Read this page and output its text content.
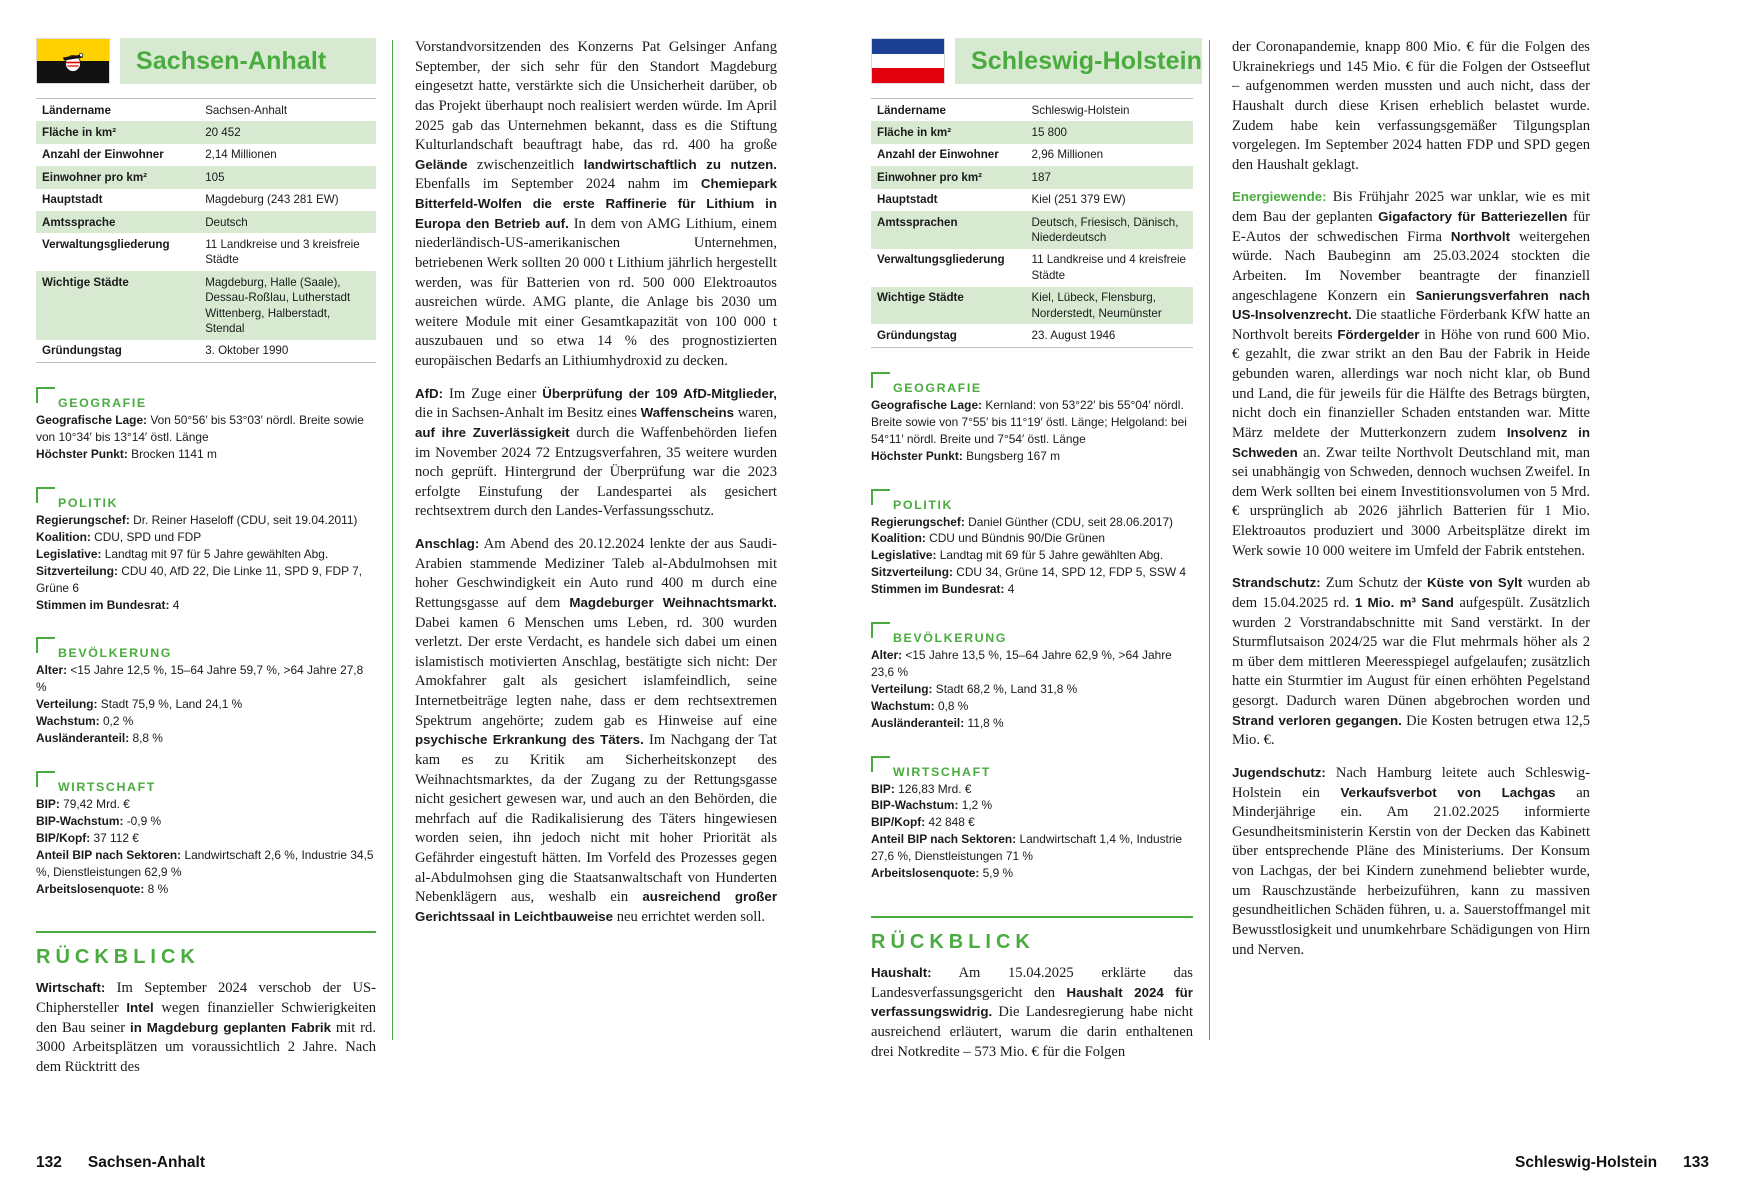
Sachsen-Anhalt
Ländername	Sachsen-Anhalt
Fläche in km²	20 452
Anzahl der Einwohner	2,14 Millionen
Einwohner pro km²	105
Hauptstadt	Magdeburg (243 281 EW)
Amtssprache	Deutsch
Verwaltungsgliederung	11 Landkreise und 3 kreisfreie Städte
Wichtige Städte	Magdeburg, Halle (Saale), Dessau-Roßlau, Lutherstadt Wittenberg, Halberstadt, Stendal
Gründungstag	3. Oktober 1990
GEOGRAFIE

Geografische Lage: Von 50°56′ bis 53°03′ nördl. Breite sowie von 10°34′ bis 13°14′ östl. Länge

Höchster Punkt: Brocken 1141 m

POLITIK

Regierungschef: Dr. Reiner Haseloff (CDU, seit 19.04.2011)

Koalition: CDU, SPD und FDP

Legislative: Landtag mit 97 für 5 Jahre gewählten Abg.

Sitzverteilung: CDU 40, AfD 22, Die Linke 11, SPD 9, FDP 7, Grüne 6

Stimmen im Bundesrat: 4

BEVÖLKERUNG

Alter: <15 Jahre 12,5 %, 15–64 Jahre 59,7 %, >64 Jahre 27,8 %

Verteilung: Stadt 75,9 %, Land 24,1 %

Wachstum: 0,2 %

Ausländeranteil: 8,8 %

WIRTSCHAFT

BIP: 79,42 Mrd. €

BIP-Wachstum: -0,9 %

BIP/Kopf: 37 112 €

Anteil BIP nach Sektoren: Landwirtschaft 2,6 %, Industrie 34,5 %, Dienstleistungen 62,9 %

Arbeitslosenquote: 8 %

RÜCKBLICK

Wirtschaft: Im September 2024 verschob der US-Chiphersteller Intel wegen finanzieller Schwierigkeiten den Bau seiner in Magdeburg geplanten Fabrik mit rd. 3000 Arbeitsplätzen um voraussichtlich 2 Jahre. Nach dem Rücktritt des

Vorstandvorsitzenden des Konzerns Pat Gelsinger Anfang September, der sich sehr für den Standort Magdeburg eingesetzt hatte, verstärkte sich die Unsicherheit darüber, ob das Projekt überhaupt noch realisiert werden würde. Im April 2025 gab das Unternehmen bekannt, dass es die Stiftung Kulturlandschaft beauftragt habe, das rd. 400 ha große Gelände zwischenzeitlich landwirtschaftlich zu nutzen. Ebenfalls im September 2024 nahm im Chemiepark Bitterfeld-Wolfen die erste Raffinerie für Lithium in Europa den Betrieb auf. In dem von AMG Lithium, einem niederländisch-US-amerikanischen Unternehmen, betriebenen Werk sollten 20 000 t Lithium jährlich hergestellt werden, was für Batterien von rd. 500 000 Elektroautos ausreichen würde. AMG plante, die Anlage bis 2030 um weitere Module mit einer Gesamtkapazität von 100 000 t auszubauen und so etwa 14 % des prognostizierten europäischen Bedarfs an Lithiumhydroxid zu decken.

AfD: Im Zuge einer Überprüfung der 109 AfD-Mitglieder, die in Sachsen-Anhalt im Besitz eines Waffenscheins waren, auf ihre Zuverlässigkeit durch die Waffenbehörden liefen im November 2024 72 Entzugsverfahren, 35 weitere wurden noch geprüft. Hintergrund der Überprüfung war die 2023 erfolgte Einstufung der Landespartei als gesichert rechtsextrem durch den Landes-Verfassungsschutz.

Anschlag: Am Abend des 20.12.2024 lenkte der aus Saudi-Arabien stammende Mediziner Taleb al-Abdulmohsen mit hoher Geschwindigkeit ein Auto rund 400 m durch eine Rettungsgasse auf dem Magdeburger Weihnachtsmarkt. Dabei kamen 6 Menschen ums Leben, rd. 300 wurden verletzt. Der erste Verdacht, es handele sich dabei um einen islamistisch motivierten Anschlag, bestätigte sich nicht: Der Amokfahrer galt als gesichert islamfeindlich, seine Internetbeiträge legten nahe, dass er dem rechtsextremen Spektrum angehörte; zudem gab es Hinweise auf eine psychische Erkrankung des Täters. Im Nachgang der Tat kam es zu Kritik am Sicherheitskonzept des Weihnachtsmarktes, da der Zugang zu der Rettungsgasse nicht gesichert gewesen war, und auch an den Behörden, die mehrfach auf die Radikalisierung des Täters hingewiesen worden seien, ihn jedoch nicht mit hoher Priorität als Gefährder eingestuft hätten. Im Vorfeld des Prozesses gegen al-Abdulmohsen ging die Staatsanwaltschaft von Hunderten Nebenklägern aus, weshalb ein ausreichend großer Gerichtssaal in Leichtbauweise neu errichtet werden soll.

Schleswig-Holstein
Ländername	Schleswig-Holstein
Fläche in km²	15 800
Anzahl der Einwohner	2,96 Millionen
Einwohner pro km²	187
Hauptstadt	Kiel (251 379 EW)
Amtssprachen	Deutsch, Friesisch, Dänisch, Niederdeutsch
Verwaltungsgliederung	11 Landkreise und 4 kreisfreie Städte
Wichtige Städte	Kiel, Lübeck, Flensburg, Norderstedt, Neumünster
Gründungstag	23. August 1946
GEOGRAFIE

Geografische Lage: Kernland: von 53°22′ bis 55°04′ nördl. Breite sowie von 7°55′ bis 11°19′ östl. Länge; Helgoland: bei 54°11′ nördl. Breite und 7°54′ östl. Länge

Höchster Punkt: Bungsberg 167 m

POLITIK

Regierungschef: Daniel Günther (CDU, seit 28.06.2017)

Koalition: CDU und Bündnis 90/Die Grünen

Legislative: Landtag mit 69 für 5 Jahre gewählten Abg.

Sitzverteilung: CDU 34, Grüne 14, SPD 12, FDP 5, SSW 4

Stimmen im Bundesrat: 4

BEVÖLKERUNG

Alter: <15 Jahre 13,5 %, 15–64 Jahre 62,9 %, >64 Jahre 23,6 %

Verteilung: Stadt 68,2 %, Land 31,8 %

Wachstum: 0,8 %

Ausländeranteil: 11,8 %

WIRTSCHAFT

BIP: 126,83 Mrd. €

BIP-Wachstum: 1,2 %

BIP/Kopf: 42 848 €

Anteil BIP nach Sektoren: Landwirtschaft 1,4 %, Industrie 27,6 %, Dienstleistungen 71 %

Arbeitslosenquote: 5,9 %

RÜCKBLICK

Haushalt: Am 15.04.2025 erklärte das Landesverfassungsgericht den Haushalt 2024 für verfassungswidrig. Die Landesregierung habe nicht ausreichend erläutert, warum die darin enthaltenen drei Notkredite – 573 Mio. € für die Folgen

der Coronapandemie, knapp 800 Mio. € für die Folgen des Ukrainekriegs und 145 Mio. € für die Folgen der Ostseeflut – aufgenommen werden mussten und auch nicht, dass der Haushalt durch diese Krisen erheblich belastet wurde. Zudem habe kein verfassungsgemäßer Tilgungsplan vorgelegen. Im September 2024 hatten FDP und SPD gegen den Haushalt geklagt.

Energiewende: Bis Frühjahr 2025 war unklar, wie es mit dem Bau der geplanten Gigafactory für Batteriezellen für E-Autos der schwedischen Firma Northvolt weitergehen würde. Nach Baubeginn am 25.03.2024 stockten die Arbeiten. Im November beantragte der finanziell angeschlagene Konzern ein Sanierungsverfahren nach US-Insolvenzrecht. Die staatliche Förderbank KfW hatte an Northvolt bereits Fördergelder in Höhe von rund 600 Mio. € gezahlt, die zwar strikt an den Bau der Fabrik in Heide gebunden waren, allerdings war noch nicht klar, ob Bund und Land, die für jeweils für die Hälfte des Betrags bürgten, nicht doch ein finanzieller Schaden entstanden war. Mitte März meldete der Mutterkonzern zudem Insolvenz in Schweden an. Zwar teilte Northvolt Deutschland mit, man sei unabhängig von Schweden, dennoch wuchsen Zweifel. In dem Werk sollten bei einem Investitionsvolumen von 5 Mrd. € ursprünglich ab 2026 jährlich Batterien für 1 Mio. Elektroautos produziert und 3000 Arbeitsplätze direkt im Werk sowie 10 000 weitere im Umfeld der Fabrik entstehen.

Strandschutz: Zum Schutz der Küste von Sylt wurden ab dem 15.04.2025 rd. 1 Mio. m³ Sand aufgespült. Zusätzlich wurden 2 Vorstrandabschnitte mit Sand verstärkt. In der Sturmflutsaison 2024/25 war die Flut mehrmals höher als 2 m über dem mittleren Meeresspiegel aufgelaufen; zusätzlich hatte ein Sturmtier im August für einen erhöhten Pegelstand gesorgt. Dadurch waren Dünen abgebrochen worden und Strand verloren gegangen. Die Kosten betrugen etwa 12,5 Mio. €.

Jugendschutz: Nach Hamburg leitete auch Schleswig-Holstein ein Verkaufsverbot von Lachgas an Minderjährige ein. Am 21.02.2025 informierte Gesundheitsministerin Kerstin von der Decken das Kabinett über entsprechende Pläne des Ministeriums. Der Konsum von Lachgas, der bei Kindern zunehmend beliebter wurde, um Rauschzustände herbeizuführen, kann zu massiven gesundheitlichen Schäden führen, u. a. Sauerstoffmangel mit Bewusstlosigkeit und unumkehrbare Schädigungen von Hirn und Nerven.

132 Sachsen-Anhalt	Schleswig-Holstein 133
